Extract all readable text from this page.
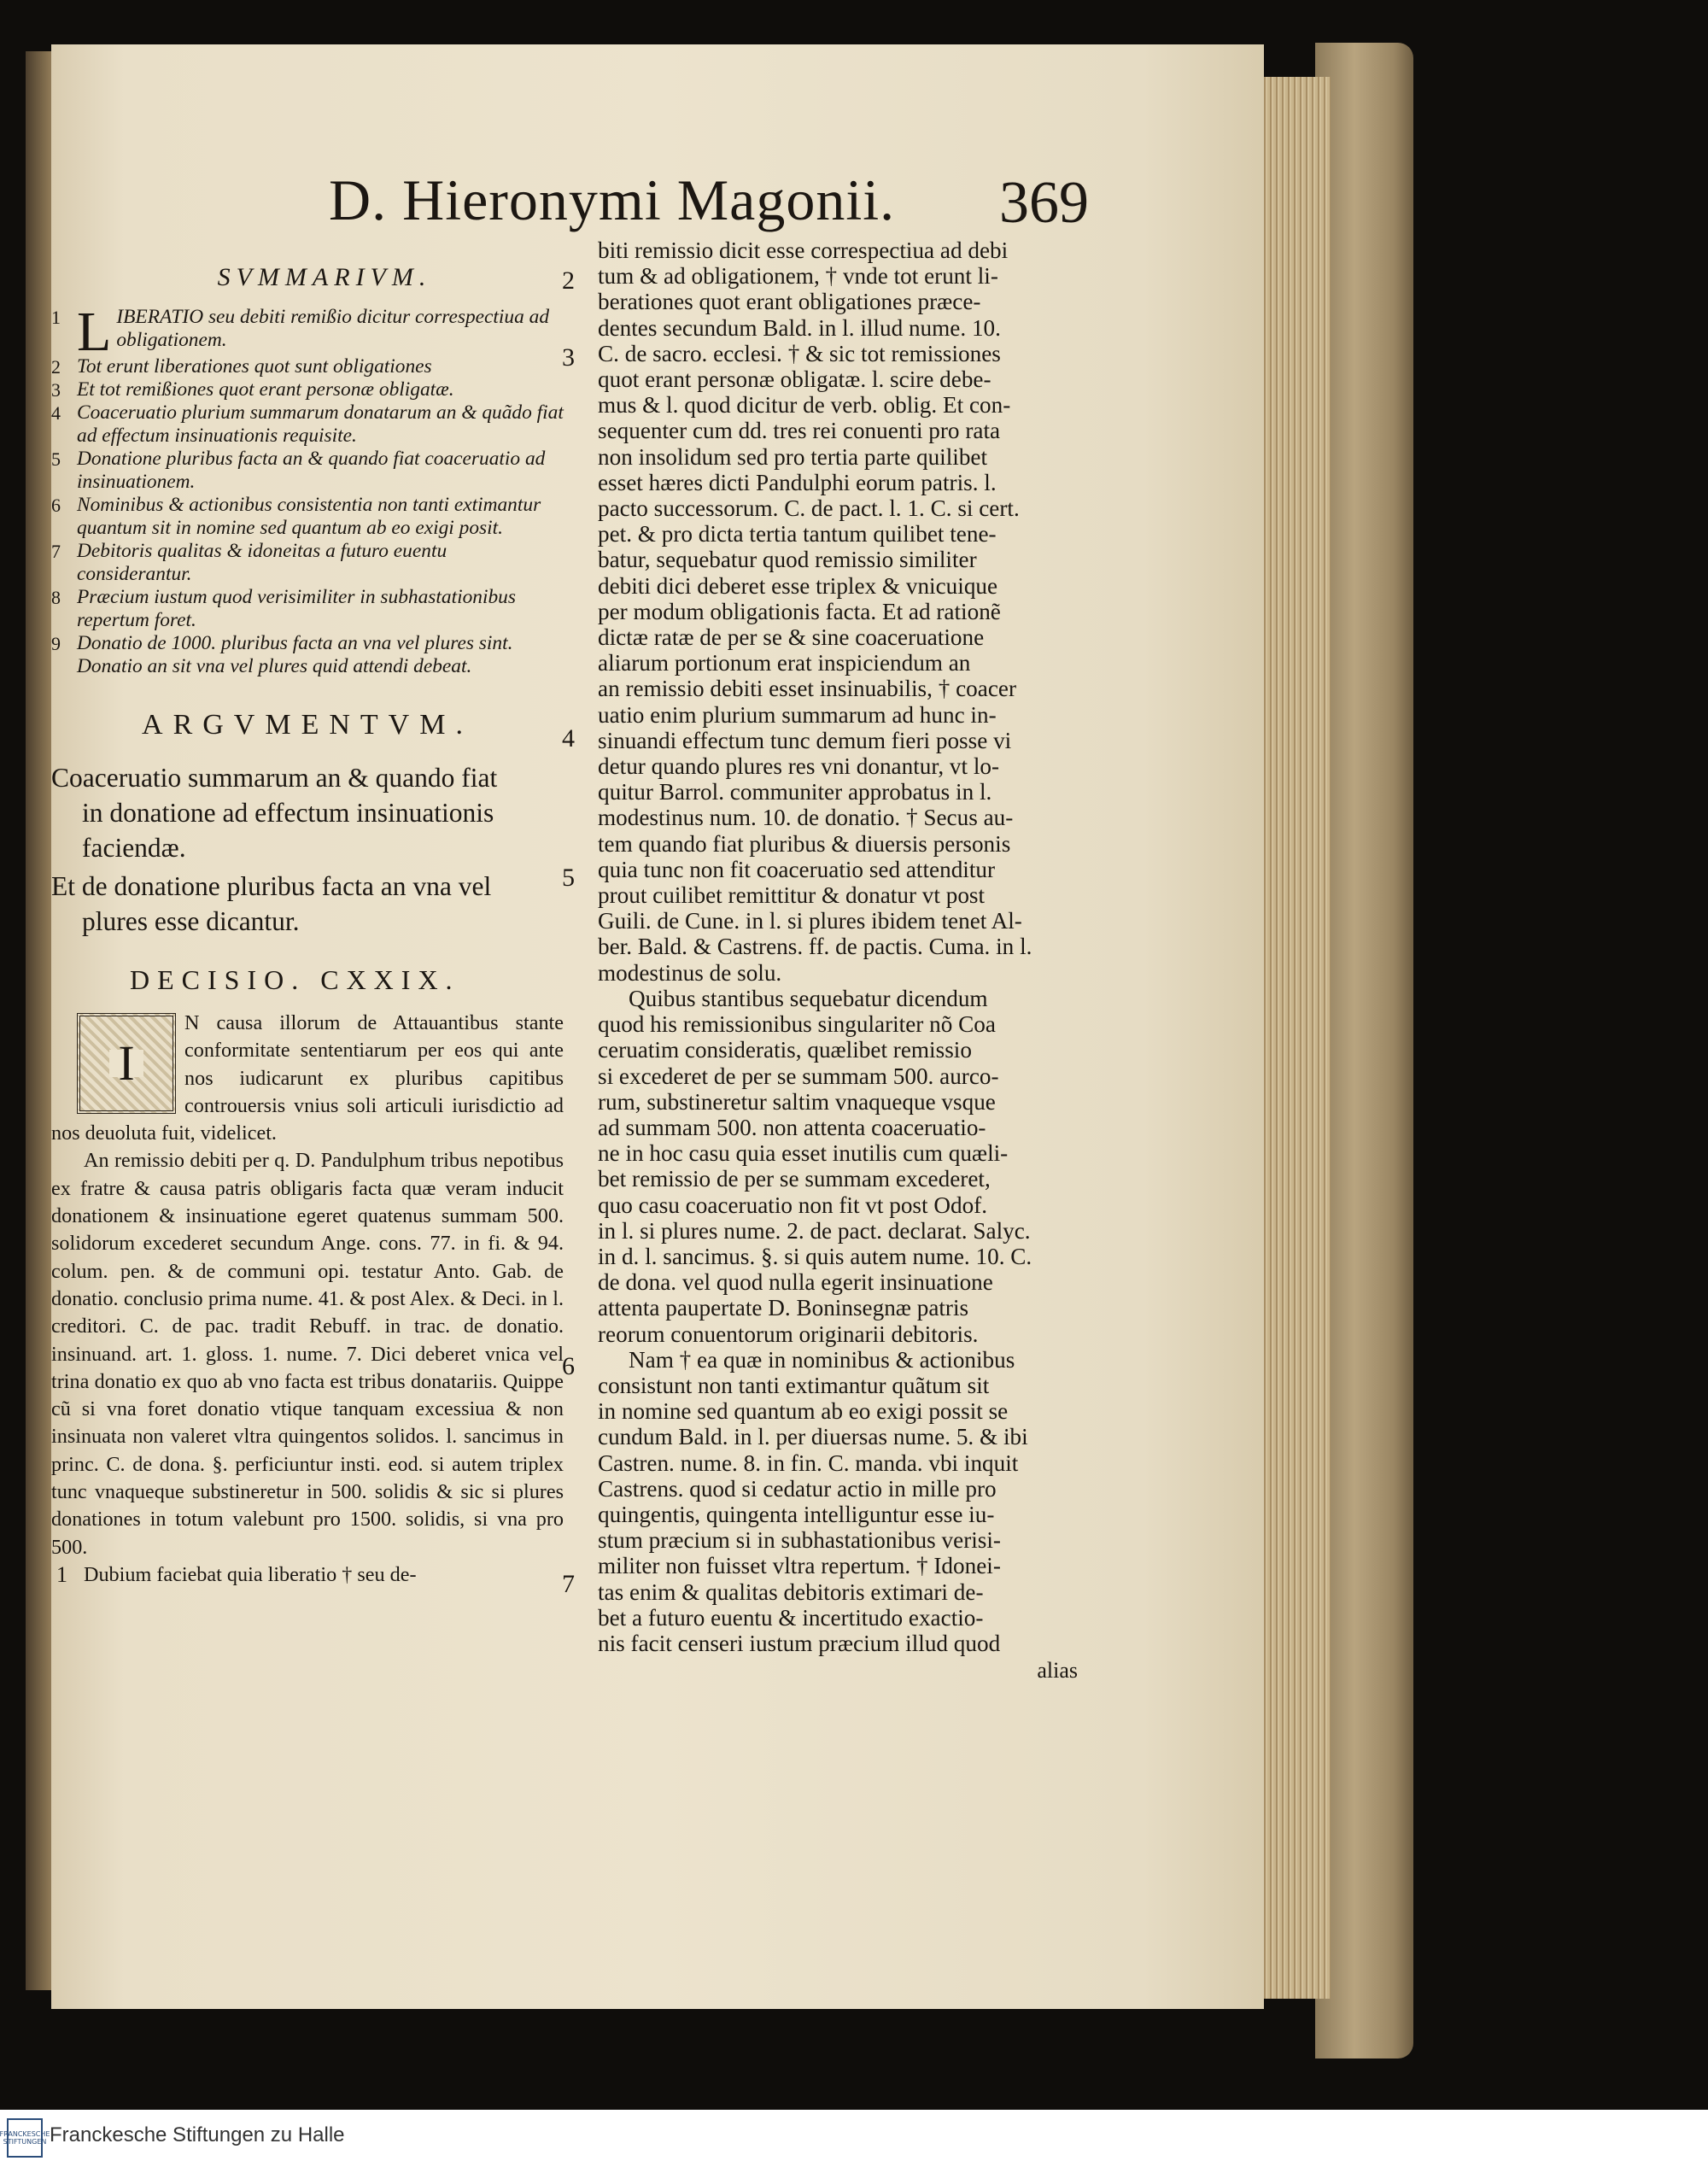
D. Hieronymi Magonii. 369
SVMMARIVM.
1 L IBERATIO seu debiti remißio dicitur correspectiua ad obligationem.
2 Tot erunt liberationes quot sunt obligationes
3 Et tot remißiones quot erant personæ obligatæ.
4 Coaceruatio plurium summarum donatarum an & quãdo fiat ad effectum insinuationis requisite.
5 Donatione pluribus facta an & quando fiat coaceruatio ad insinuationem.
6 Nominibus & actionibus consistentia non tanti extimantur quantum sit in nomine sed quantum ab eo exigi posit.
7 Debitoris qualitas & idoneitas a futuro euentu considerantur.
8 Præcium iustum quod verisimiliter in subhastationibus repertum foret.
9 Donatio de 1000. pluribus facta an vna vel plures sint. Donatio an sit vna vel plures quid attendi debeat.
ARGVMENTVM.
Coaceruatio summarum an & quando fiat
in donatione ad effectum insinuationis faciendæ.
Et de donatione pluribus facta an vna vel
plures esse dicantur.
DECISIO. CXXIX.
I
N causa illorum de Attauantibus stante conformitate sententiarum per eos qui ante nos iudicarunt ex pluribus capitibus controuersis vnius soli articuli iurisdictio ad nos deuoluta fuit, videlicet.
An remissio debiti per q. D. Pandulphum tribus nepotibus ex fratre & causa patris obligaris facta quæ veram inducit donationem & insinuatione egeret quatenus summam 500. solidorum excederet secundum Ange. cons. 77. in fi. & 94. colum. pen. & de communi opi. testatur Anto. Gab. de donatio. conclusio prima nume. 41. & post Alex. & Deci. in l. creditori. C. de pac. tradit Rebuff. in trac. de donatio. insinuand. art. 1. gloss. 1. nume. 7. Dici deberet vnica vel trina donatio ex quo ab vno facta est tribus donatariis. Quippe cũ si vna foret donatio vtique tanquam excessiua & non insinuata non valeret vltra quingentos solidos. l. sancimus in princ. C. de dona. §. perficiuntur insti. eod. si autem triplex tunc vnaqueque substineretur in 500. solidis & sic si plures donationes in totum valebunt pro 1500. solidis, si vna pro 500.
1 Dubium faciebat quia liberatio † seu de-
2
3
4
5
6
7
biti remissio dicit esse correspectiua ad debi
tum & ad obligationem, † vnde tot erunt li-
berationes quot erant obligationes præce-
dentes secundum Bald. in l. illud nume. 10.
C. de sacro. ecclesi. † & sic tot remissiones
quot erant personæ obligatæ. l. scire debe-
mus & l. quod dicitur de verb. oblig. Et con-
sequenter cum dd. tres rei conuenti pro rata
non insolidum sed pro tertia parte quilibet
esset hæres dicti Pandulphi eorum patris. l.
pacto successorum. C. de pact. l. 1. C. si cert.
pet. & pro dicta tertia tantum quilibet tene-
batur, sequebatur quod remissio similiter
debiti dici deberet esse triplex & vnicuique
per modum obligationis facta. Et ad rationẽ
dictæ ratæ de per se & sine coaceruatione
aliarum portionum erat inspiciendum an
an remissio debiti esset insinuabilis, † coacer
uatio enim plurium summarum ad hunc in-
sinuandi effectum tunc demum fieri posse vi
detur quando plures res vni donantur, vt lo-
quitur Barrol. communiter approbatus in l.
modestinus num. 10. de donatio. † Secus au-
tem quando fiat pluribus & diuersis personis
quia tunc non fit coaceruatio sed attenditur
prout cuilibet remittitur & donatur vt post
Guili. de Cune. in l. si plures ibidem tenet Al-
ber. Bald. & Castrens. ff. de pactis. Cuma. in l.
modestinus de solu.
Quibus stantibus sequebatur dicendum
quod his remissionibus singulariter nõ Coa
ceruatim consideratis, quælibet remissio
si excederet de per se summam 500. aurco-
rum, substineretur saltim vnaqueque vsque
ad summam 500. non attenta coaceruatio-
ne in hoc casu quia esset inutilis cum quæli-
bet remissio de per se summam excederet,
quo casu coaceruatio non fit vt post Odof.
in l. si plures nume. 2. de pact. declarat. Salyc.
in d. l. sancimus. §. si quis autem nume. 10. C.
de dona. vel quod nulla egerit insinuatione
attenta paupertate D. Boninsegnæ patris
reorum conuentorum originarii debitoris.
Nam † ea quæ in nominibus & actionibus
consistunt non tanti extimantur quãtum sit
in nomine sed quantum ab eo exigi possit se
cundum Bald. in l. per diuersas nume. 5. & ibi
Castren. nume. 8. in fin. C. manda. vbi inquit
Castrens. quod si cedatur actio in mille pro
quingentis, quingenta intelliguntur esse iu-
stum præcium si in subhastationibus verisi-
militer non fuisset vltra repertum. † Idonei-
tas enim & qualitas debitoris extimari de-
bet a futuro euentu & incertitudo exactio-
nis facit censeri iustum præcium illud quod
alias
FRANCKESCHE STIFTUNGEN Franckesche Stiftungen zu Halle
